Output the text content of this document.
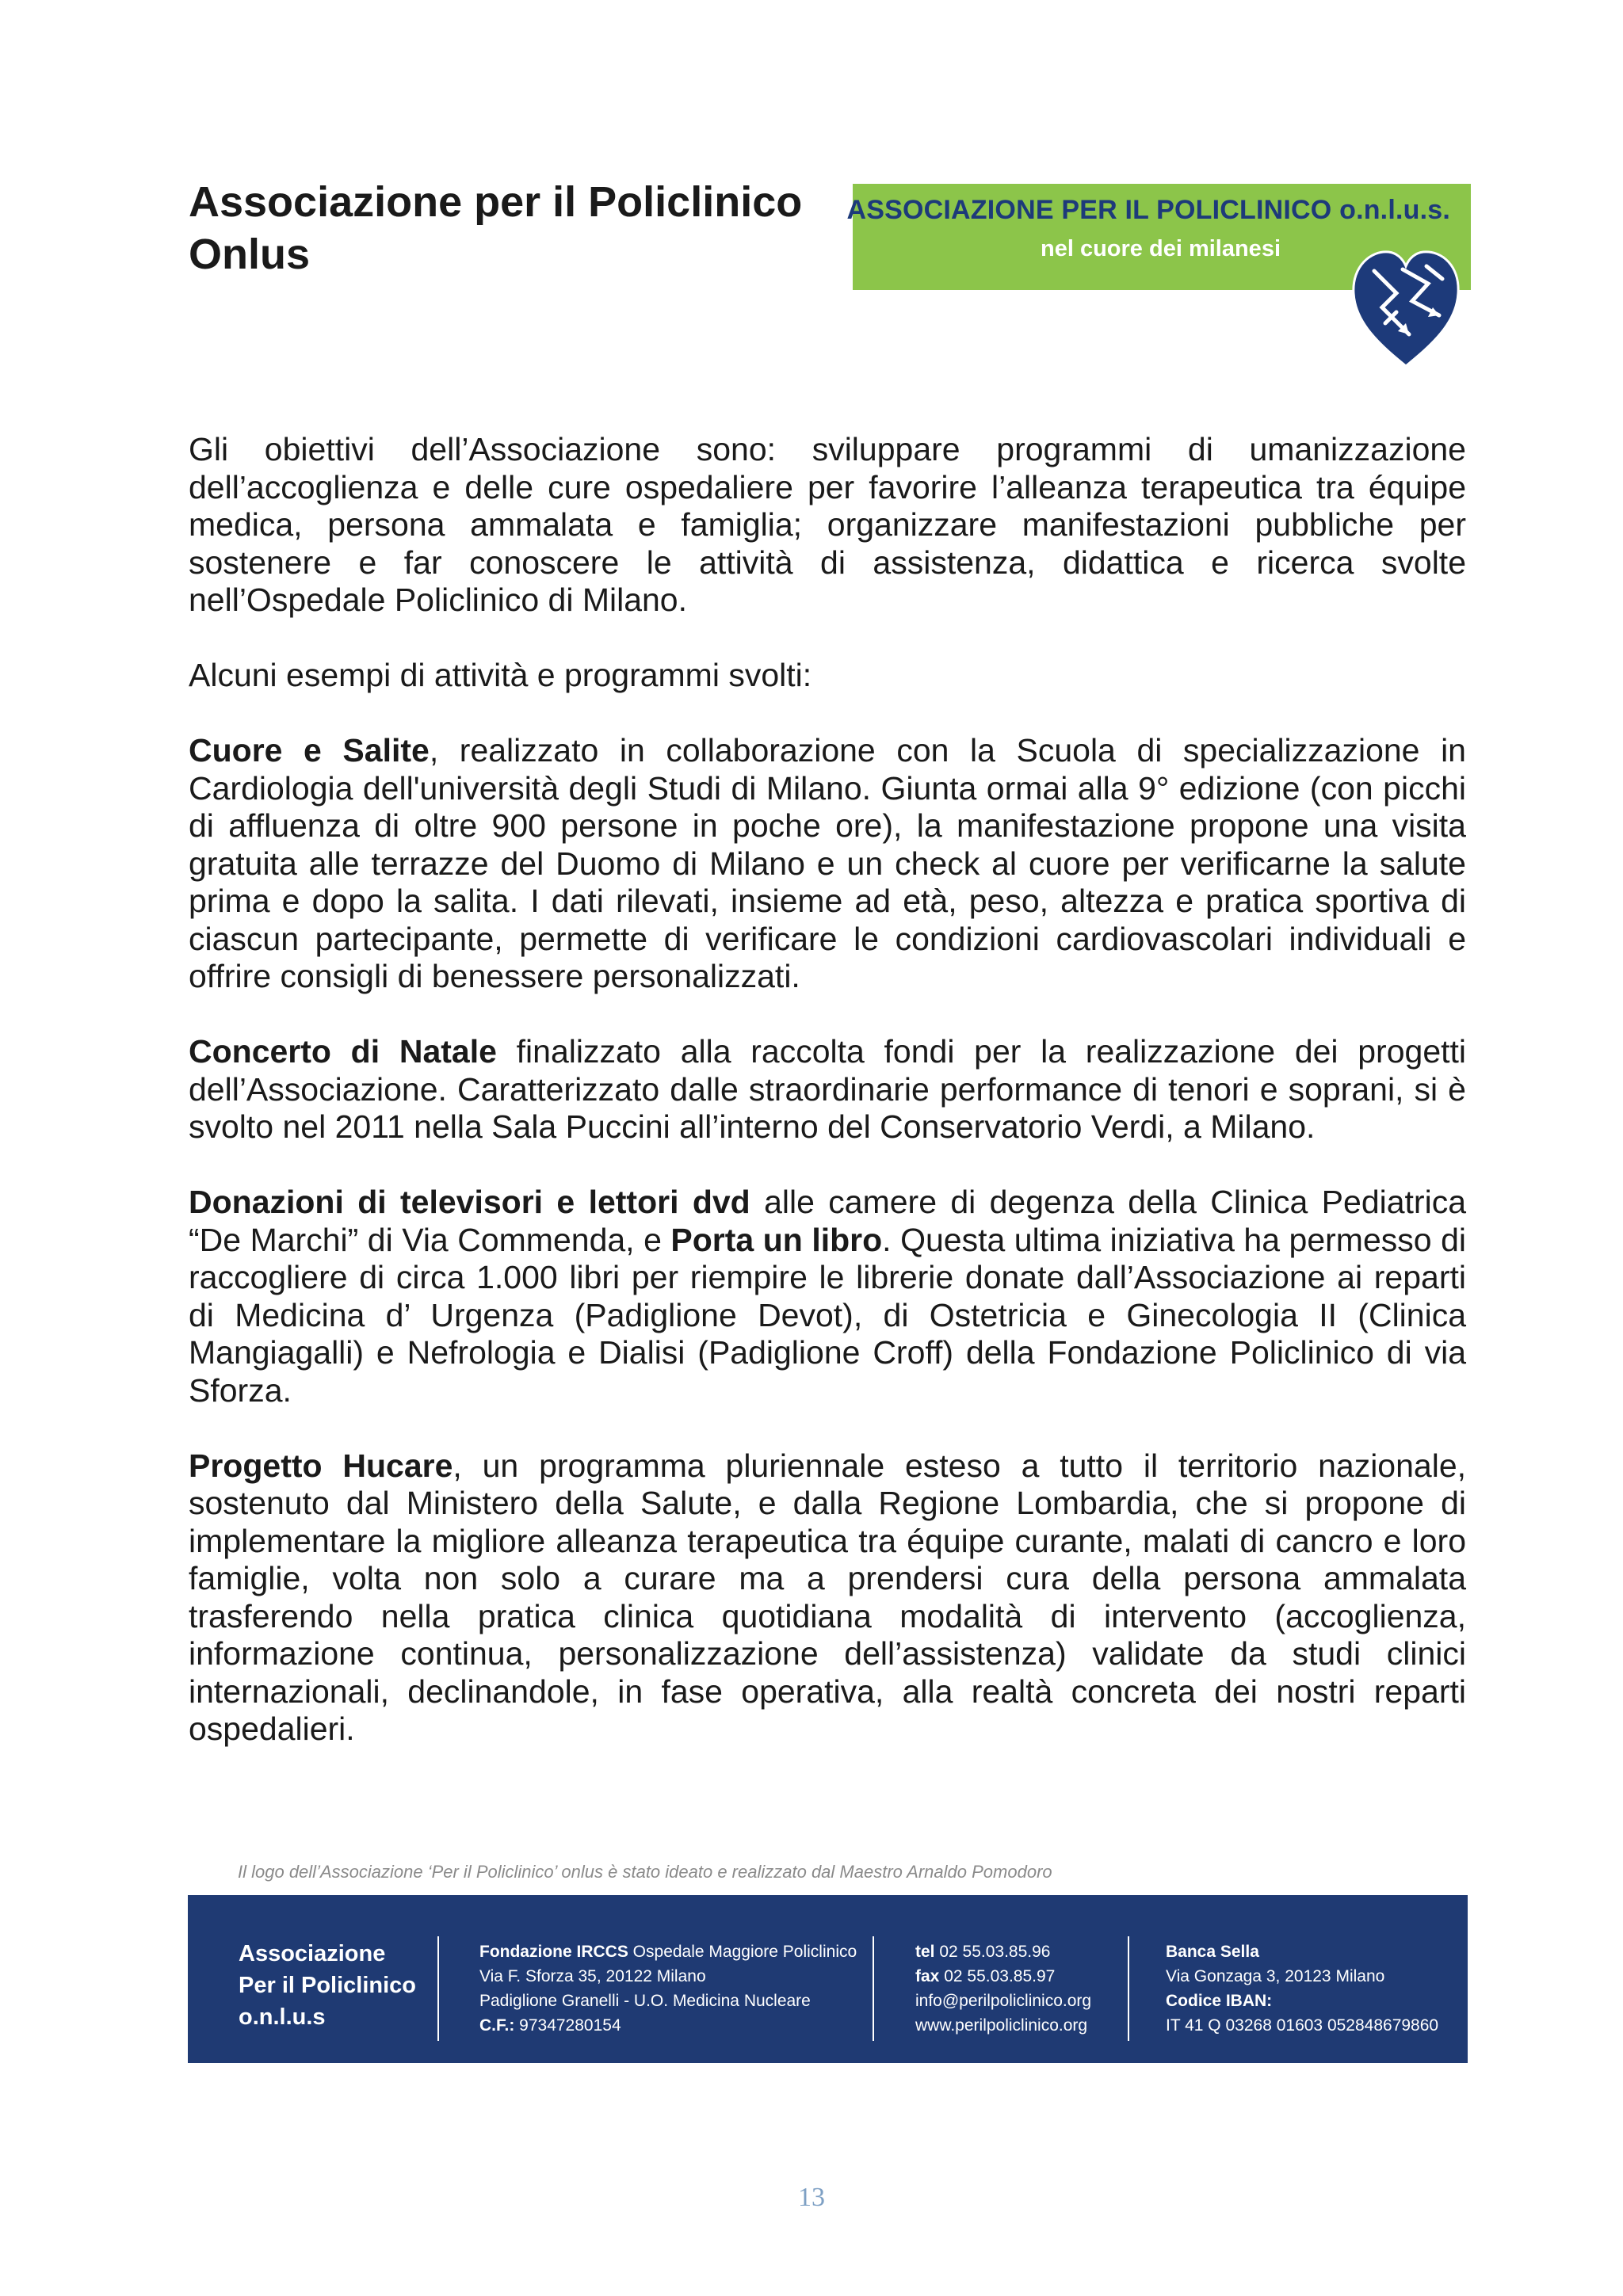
Associazione per il Policlinico
Onlus
ASSOCIAZIONE PER IL POLICLINICO o.n.l.u.s.
nel cuore dei milanesi

Gli obiettivi dell’Associazione sono: sviluppare programmi di umanizzazione dell’accoglienza e delle cure ospedaliere per favorire l’alleanza terapeutica tra équipe medica, persona ammalata e famiglia; organizzare manifestazioni pubbliche per sostenere e far conoscere le attività di assistenza, didattica e ricerca svolte nell’Ospedale Policlinico di Milano.

Alcuni esempi di attività e programmi svolti:

Cuore e Salite, realizzato in collaborazione con la Scuola di specializzazione in Cardiologia dell'università degli Studi di Milano. Giunta ormai alla 9° edizione (con picchi di affluenza di oltre 900 persone in poche ore), la manifestazione propone una visita gratuita alle terrazze del Duomo di Milano e un check al cuore per verificarne la salute prima e dopo la salita. I dati rilevati, insieme ad età, peso, altezza e pratica sportiva di ciascun partecipante, permette di verificare le condizioni cardiovascolari individuali e offrire consigli di benessere personalizzati.

Concerto di Natale finalizzato alla raccolta fondi per la realizzazione dei progetti dell’Associazione. Caratterizzato dalle straordinarie performance di tenori e soprani, si è svolto nel 2011 nella Sala Puccini all’interno del Conservatorio Verdi, a Milano.

Donazioni di televisori e lettori dvd alle camere di degenza della Clinica Pediatrica “De Marchi” di Via Commenda, e Porta un libro. Questa ultima iniziativa ha permesso di raccogliere di circa 1.000 libri per riempire le librerie donate dall’Associazione ai reparti di Medicina d’ Urgenza (Padiglione Devot), di Ostetricia e Ginecologia II (Clinica Mangiagalli) e Nefrologia e Dialisi (Padiglione Croff) della Fondazione Policlinico di via Sforza.

Progetto Hucare, un programma pluriennale esteso a tutto il territorio nazionale, sostenuto dal Ministero della Salute, e dalla Regione Lombardia, che si propone di implementare la migliore alleanza terapeutica tra équipe curante, malati di cancro e loro famiglie, volta non solo a curare ma a prendersi cura della persona ammalata trasferendo nella pratica clinica quotidiana modalità di intervento (accoglienza, informazione continua, personalizzazione dell’assistenza) validate da studi clinici internazionali, declinandole, in fase operativa, alla realtà concreta dei nostri reparti ospedalieri.

Il logo dell’Associazione ‘Per il Policlinico’ onlus è stato ideato e realizzato dal Maestro Arnaldo Pomodoro
Associazione
Per il Policlinico
o.n.l.u.s
Fondazione IRCCS Ospedale Maggiore Policlinico
Via F. Sforza 35, 20122 Milano
Padiglione Granelli - U.O. Medicina Nucleare
C.F.: 97347280154
tel 02 55.03.85.96
fax 02 55.03.85.97
info@perilpoliclinico.org
www.perilpoliclinico.org
Banca Sella
Via Gonzaga 3, 20123 Milano
Codice IBAN:
IT 41 Q 03268 01603 052848679860
13
